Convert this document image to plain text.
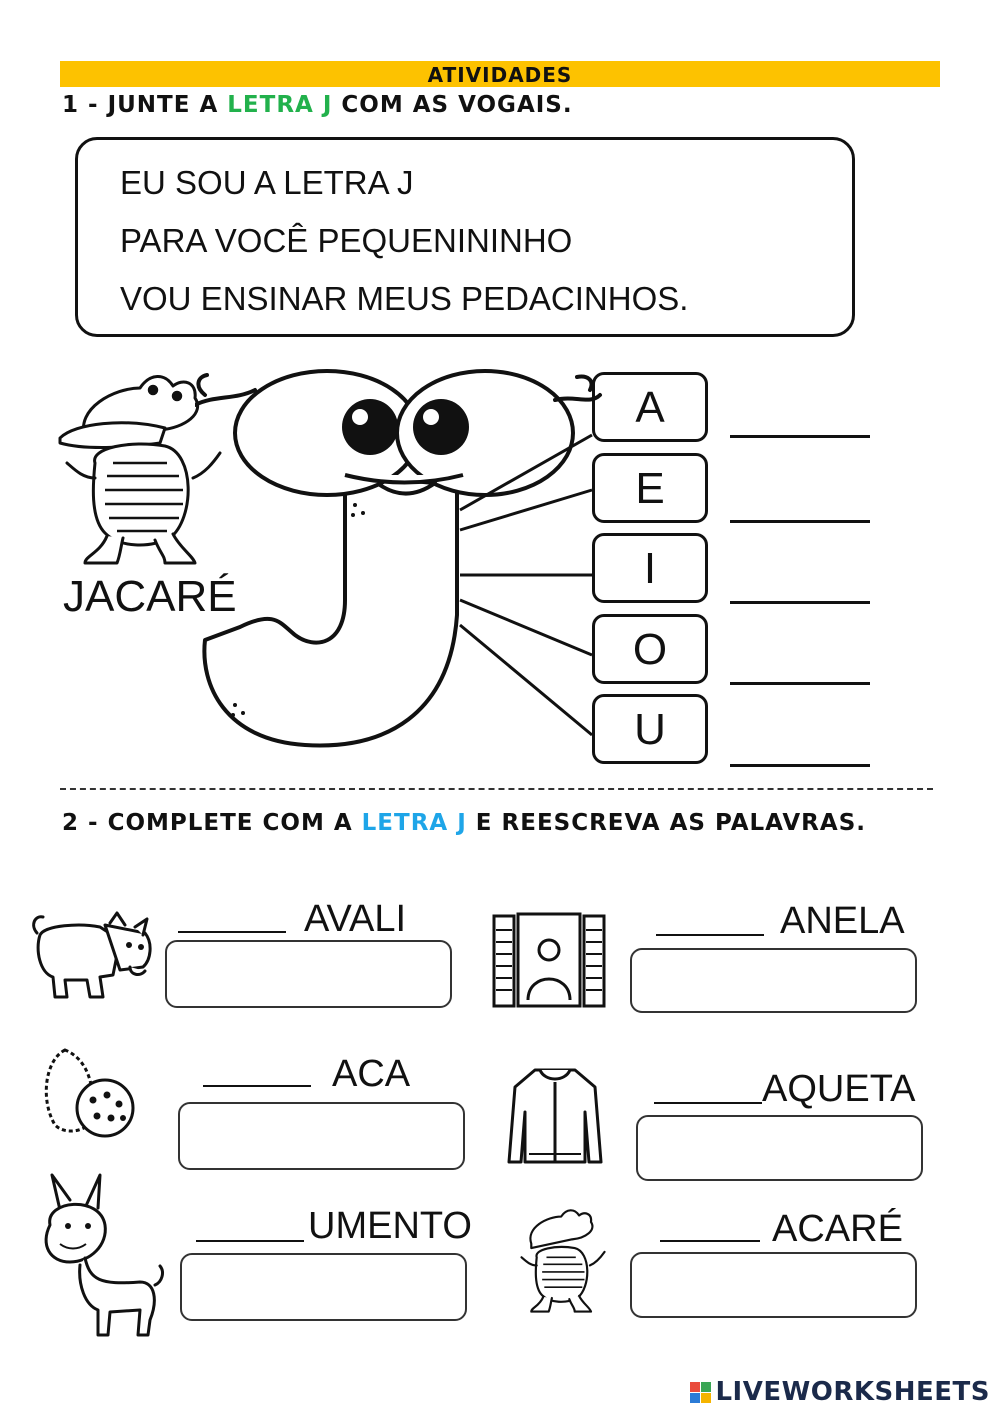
ATIVIDADES
1 - JUNTE A LETRA J COM AS VOGAIS.
EU SOU A LETRA J
PARA VOCÊ PEQUENININHO
VOU ENSINAR MEUS PEDACINHOS.
JACARÉ
A
E
I
O
U
2 - COMPLETE COM A LETRA J E REESCREVA AS PALAVRAS.
AVALI	ANELA
ACA	AQUETA
UMENTO	ACARÉ
LIVEWORKSHEETS
